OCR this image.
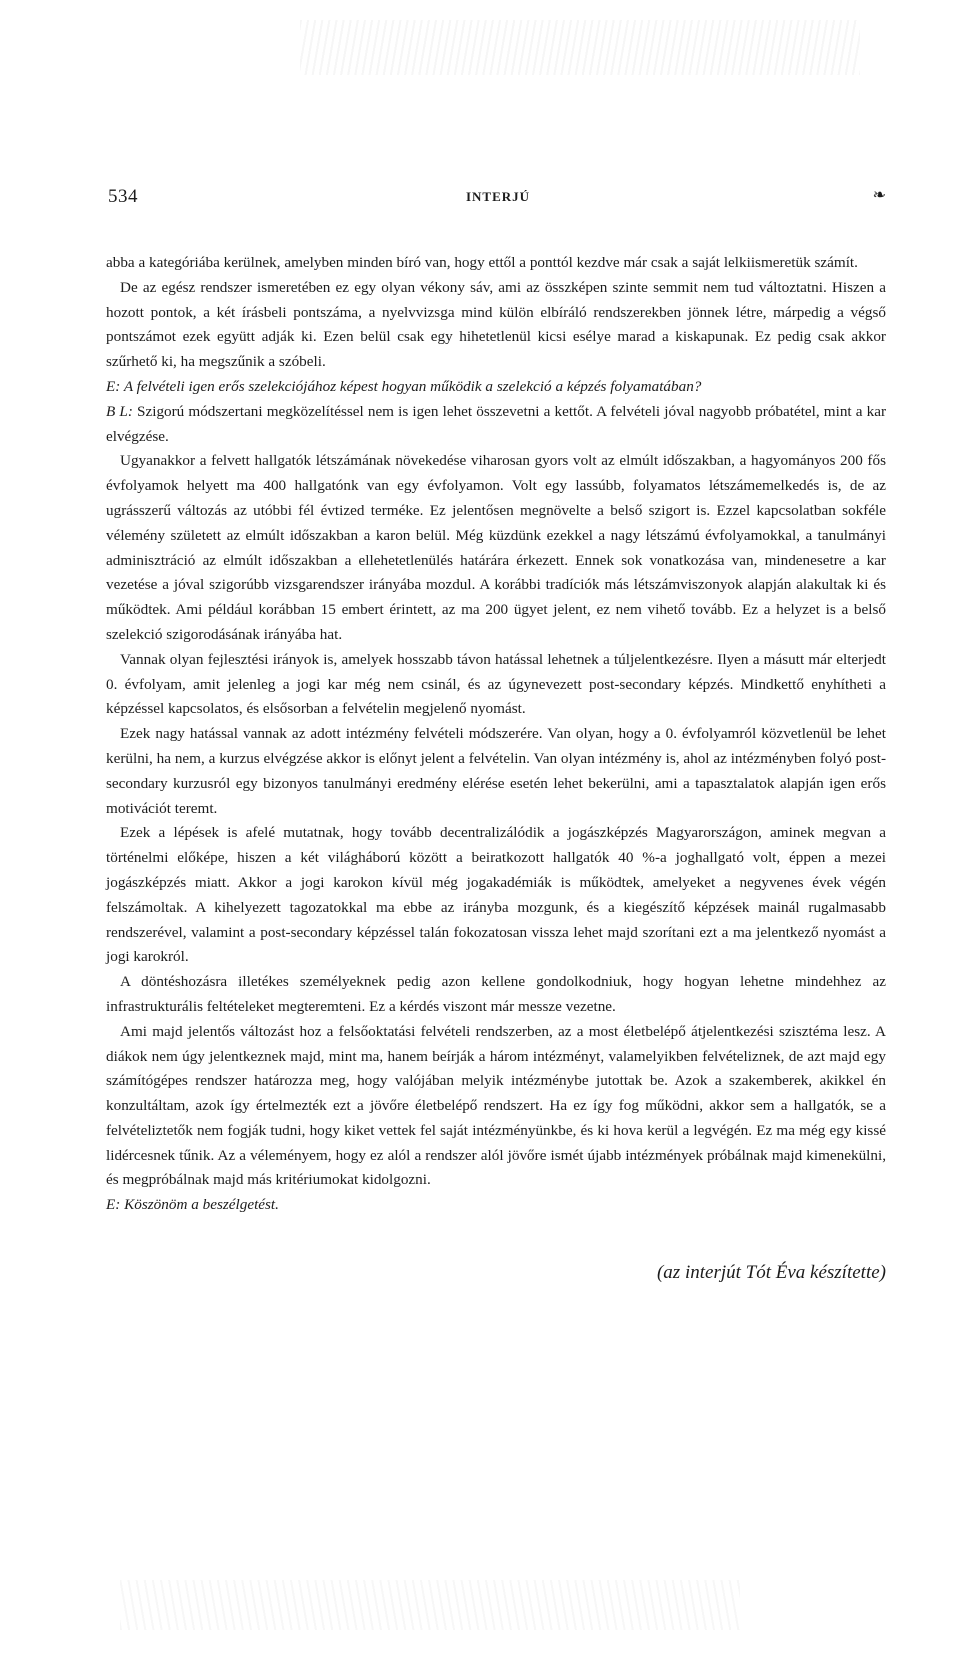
534	INTERJÚ	❧

abba a kategóriába kerülnek, amelyben minden bíró van, hogy ettől a ponttól kezdve már csak a saját lelkiismeretük számít.

De az egész rendszer ismeretében ez egy olyan vékony sáv, ami az összképen szinte semmit nem tud változtatni. Hiszen a hozott pontok, a két írásbeli pontszáma, a nyelvvizsga mind külön elbíráló rendszerekben jönnek létre, márpedig a végső pontszámot ezek együtt adják ki. Ezen belül csak egy hihetetlenül kicsi esélye marad a kiskapunak. Ez pedig csak akkor szűrhető ki, ha megszűnik a szóbeli.

E: A felvételi igen erős szelekciójához képest hogyan működik a szelekció a képzés folyamatában?

B L: Szigorú módszertani megközelítéssel nem is igen lehet összevetni a kettőt. A felvételi jóval nagyobb próbatétel, mint a kar elvégzése.

Ugyanakkor a felvett hallgatók létszámának növekedése viharosan gyors volt az elmúlt időszakban, a hagyományos 200 fős évfolyamok helyett ma 400 hallgatónk van egy évfolyamon. Volt egy lassúbb, folyamatos létszámemelkedés is, de az ugrásszerű változás az utóbbi fél évtized terméke. Ez jelentősen megnövelte a belső szigort is. Ezzel kapcsolatban sokféle vélemény született az elmúlt időszakban a karon belül. Még küzdünk ezekkel a nagy létszámú évfolyamokkal, a tanulmányi adminisztráció az elmúlt időszakban a ellehetetlenülés határára érkezett. Ennek sok vonatkozása van, mindenesetre a kar vezetése a jóval szigorúbb vizsgarendszer irányába mozdul. A korábbi tradíciók más létszámviszonyok alapján alakultak ki és működtek. Ami például korábban 15 embert érintett, az ma 200 ügyet jelent, ez nem vihető tovább. Ez a helyzet is a belső szelekció szigorodásának irányába hat.

Vannak olyan fejlesztési irányok is, amelyek hosszabb távon hatással lehetnek a túljelentkezésre. Ilyen a másutt már elterjedt 0. évfolyam, amit jelenleg a jogi kar még nem csinál, és az úgynevezett post-secondary képzés. Mindkettő enyhítheti a képzéssel kapcsolatos, és elsősorban a felvételin megjelenő nyomást.

Ezek nagy hatással vannak az adott intézmény felvételi módszerére. Van olyan, hogy a 0. évfolyamról közvetlenül be lehet kerülni, ha nem, a kurzus elvégzése akkor is előnyt jelent a felvételin. Van olyan intézmény is, ahol az intézményben folyó post-secondary kurzusról egy bizonyos tanulmányi eredmény elérése esetén lehet bekerülni, ami a tapasztalatok alapján igen erős motivációt teremt.

Ezek a lépések is afelé mutatnak, hogy tovább decentralizálódik a jogászképzés Magyarországon, aminek megvan a történelmi előképe, hiszen a két világháború között a beiratkozott hallgatók 40 %-a joghallgató volt, éppen a mezei jogászképzés miatt. Akkor a jogi karokon kívül még jogakadémiák is működtek, amelyeket a negyvenes évek végén felszámoltak. A kihelyezett tagozatokkal ma ebbe az irányba mozgunk, és a kiegészítő képzések mainál rugalmasabb rendszerével, valamint a post-secondary képzéssel talán fokozatosan vissza lehet majd szorítani ezt a ma jelentkező nyomást a jogi karokról.

A döntéshozásra illetékes személyeknek pedig azon kellene gondolkodniuk, hogy hogyan lehetne mindehhez az infrastrukturális feltételeket megteremteni. Ez a kérdés viszont már messze vezetne.

Ami majd jelentős változást hoz a felsőoktatási felvételi rendszerben, az a most életbelépő átjelentkezési szisztéma lesz. A diákok nem úgy jelentkeznek majd, mint ma, hanem beírják a három intézményt, valamelyikben felvételiznek, de azt majd egy számítógépes rendszer határozza meg, hogy valójában melyik intézménybe jutottak be. Azok a szakemberek, akikkel én konzultáltam, azok így értelmezték ezt a jövőre életbelépő rendszert. Ha ez így fog működni, akkor sem a hallgatók, se a felvételiztetők nem fogják tudni, hogy kiket vettek fel saját intézményünkbe, és ki hova kerül a legvégén. Ez ma még egy kissé lidércesnek tűnik. Az a véleményem, hogy ez alól a rendszer alól jövőre ismét újabb intézmények próbálnak majd kimenekülni, és megpróbálnak majd más kritériumokat kidolgozni.

E: Köszönöm a beszélgetést.

(az interjút Tót Éva készítette)
